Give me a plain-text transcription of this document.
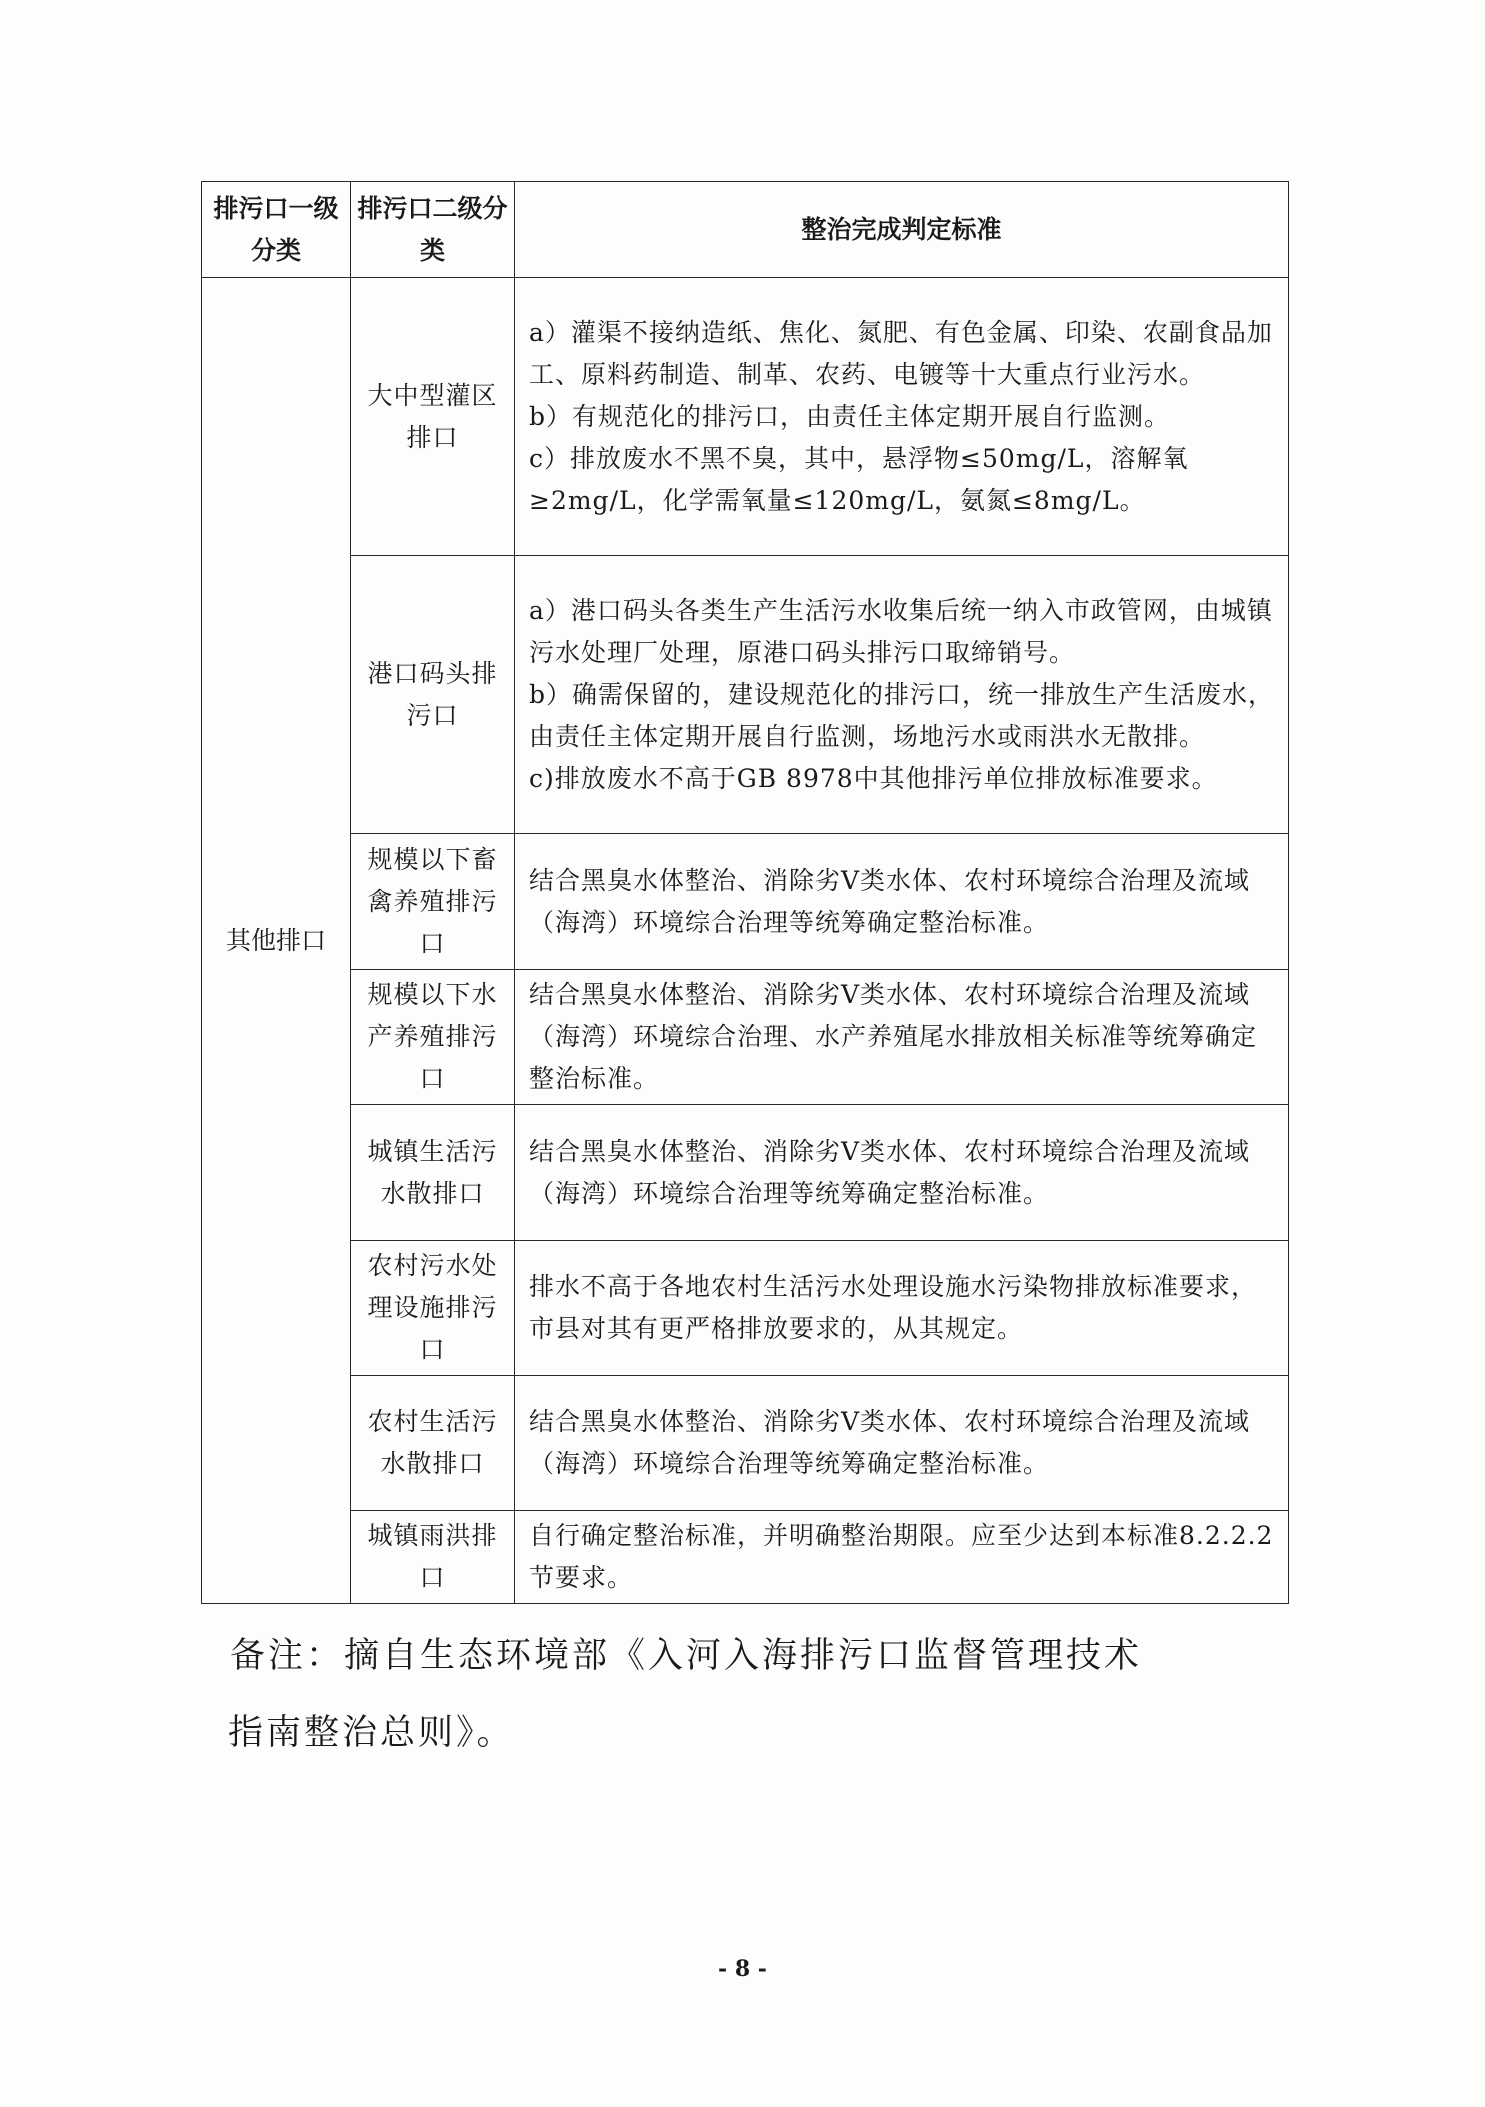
排污口一级分类	排污口二级分类	整治完成判定标准
其他排口	大中型灌区排口	a）灌渠不接纳造纸、焦化、氮肥、有色金属、印染、农副食品加工、原料药制造、制革、农药、电镀等十大重点行业污水。
b）有规范化的排污口，由责任主体定期开展自行监测。
c）排放废水不黑不臭，其中，悬浮物≤50mg/L，溶解氧≥2mg/L，化学需氧量≤120mg/L，氨氮≤8mg/L。

	港口码头排污口	a）港口码头各类生产生活污水收集后统一纳入市政管网，由城镇污水处理厂处理，原港口码头排污口取缔销号。
b）确需保留的，建设规范化的排污口，统一排放生产生活废水，由责任主体定期开展自行监测，场地污水或雨洪水无散排。
c)排放废水不高于GB 8978中其他排污单位排放标准要求。

	规模以下畜禽养殖排污口	结合黑臭水体整治、消除劣V类水体、农村环境综合治理及流域（海湾）环境综合治理等统筹确定整治标准。

	规模以下水产养殖排污口	结合黑臭水体整治、消除劣V类水体、农村环境综合治理及流域（海湾）环境综合治理、水产养殖尾水排放相关标准等统筹确定整治标准。

	城镇生活污水散排口	结合黑臭水体整治、消除劣V类水体、农村环境综合治理及流域（海湾）环境综合治理等统筹确定整治标准。

	农村污水处理设施排污口	排水不高于各地农村生活污水处理设施水污染物排放标准要求，市县对其有更严格排放要求的，从其规定。

	农村生活污水散排口	结合黑臭水体整治、消除劣V类水体、农村环境综合治理及流域（海湾）环境综合治理等统筹确定整治标准。

	城镇雨洪排口	自行确定整治标准，并明确整治期限。应至少达到本标准8.2.2.2节要求。
备注：摘自生态环境部《入河入海排污口监督管理技术
指南整治总则》。
- 8 -
